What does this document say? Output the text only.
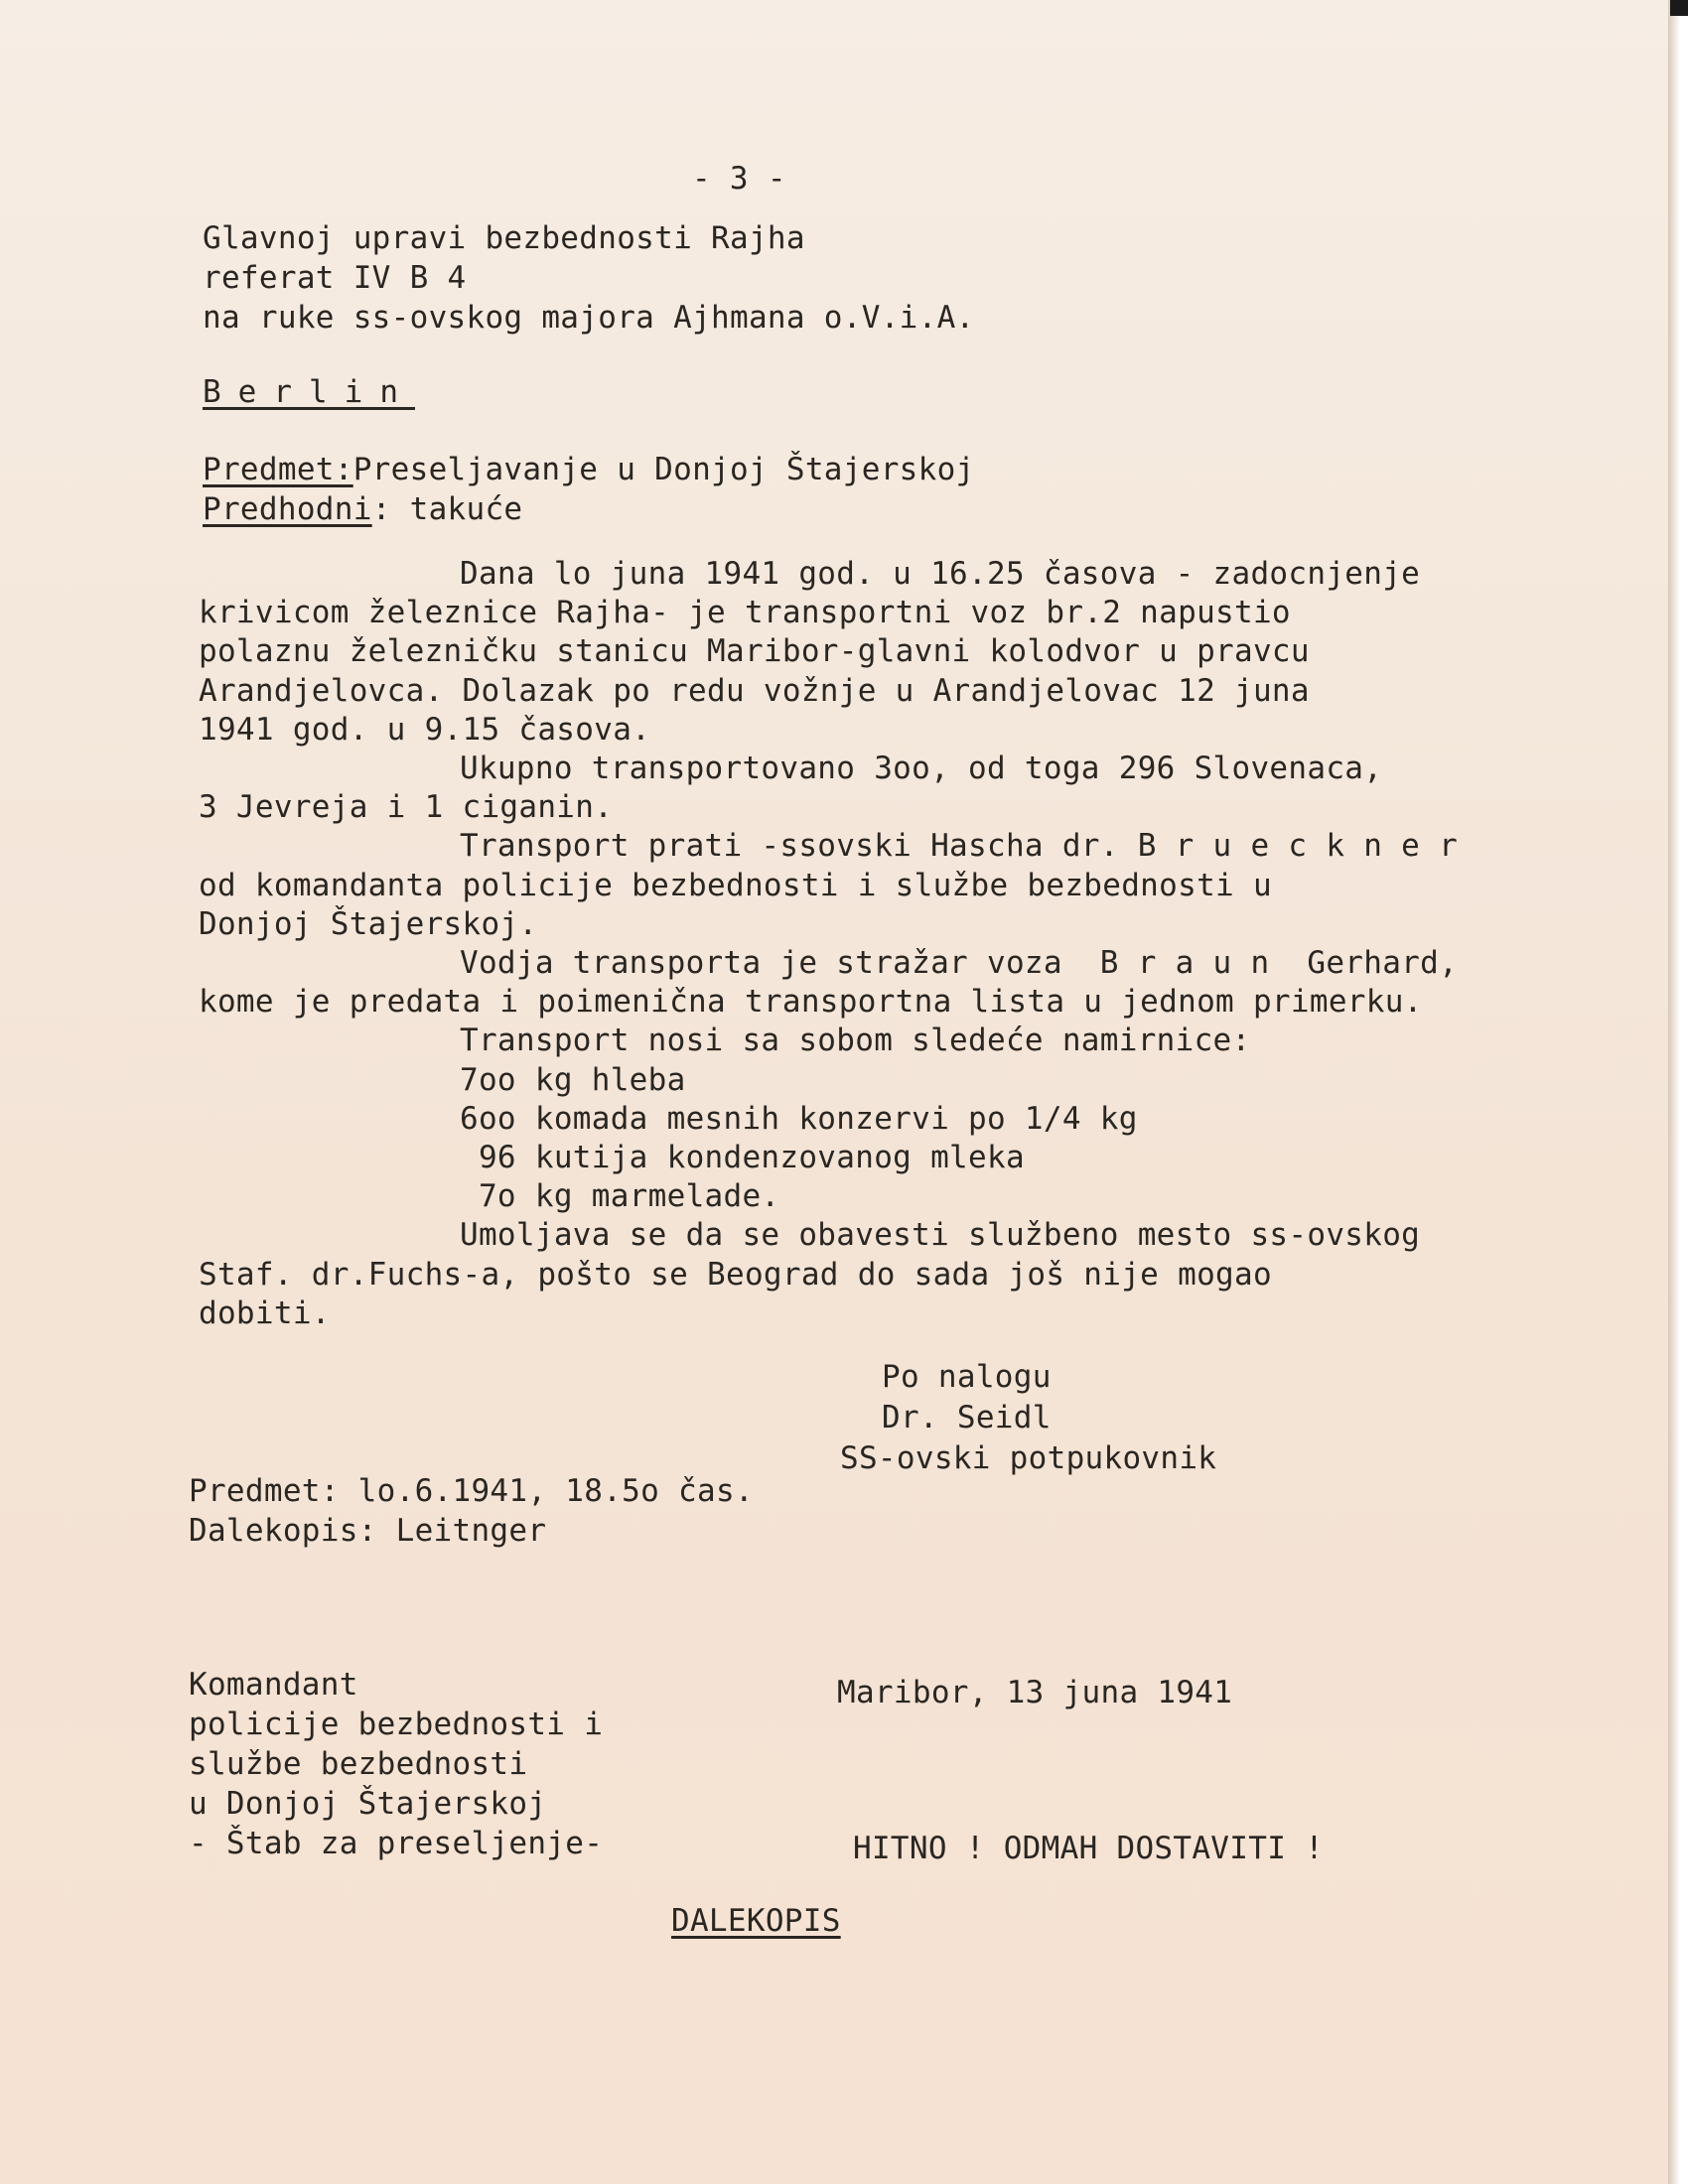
- 3 -
Glavnoj upravi bezbednosti Rajha
referat IV B 4
na ruke ss-ovskog majora Ajhmana o.V.i.A.
Berlin
Predmet:Preseljavanje u Donjoj Štajerskoj
Predhodni: takuće
Dana lo juna 1941 god. u 16.25 časova - zadocnjenje
krivicom železnice Rajha- je transportni voz br.2 napustio
polaznu železničku stanicu Maribor-glavni kolodvor u pravcu
Arandjelovca. Dolazak po redu vožnje u Arandjelovac 12 juna
1941 god. u 9.15 časova.
Ukupno transportovano 3oo, od toga 296 Slovenaca,
3 Jevreja i 1 ciganin.
Transport prati -ssovski Hascha dr. B r u e c k n e r
od komandanta policije bezbednosti i službe bezbednosti u
Donjoj Štajerskoj.
Vodja transporta je stražar voza  B r a u n  Gerhard,
kome je predata i poimenična transportna lista u jednom primerku.
Transport nosi sa sobom sledeće namirnice:
7oo kg hleba
6oo komada mesnih konzervi po 1/4 kg
96 kutija kondenzovanog mleka
7o kg marmelade.
Umoljava se da se obavesti službeno mesto ss-ovskog
Staf. dr.Fuchs-a, pošto se Beograd do sada još nije mogao
dobiti.
Po nalogu
Dr. Seidl
SS-ovski potpukovnik
Predmet: lo.6.1941, 18.5o čas.
Dalekopis: Leitnger
Komandant
policije bezbednosti i
službe bezbednosti
u Donjoj Štajerskoj
- Štab za preseljenje-
Maribor, 13 juna 1941
HITNO ! ODMAH DOSTAVITI !
DALEKOPIS
